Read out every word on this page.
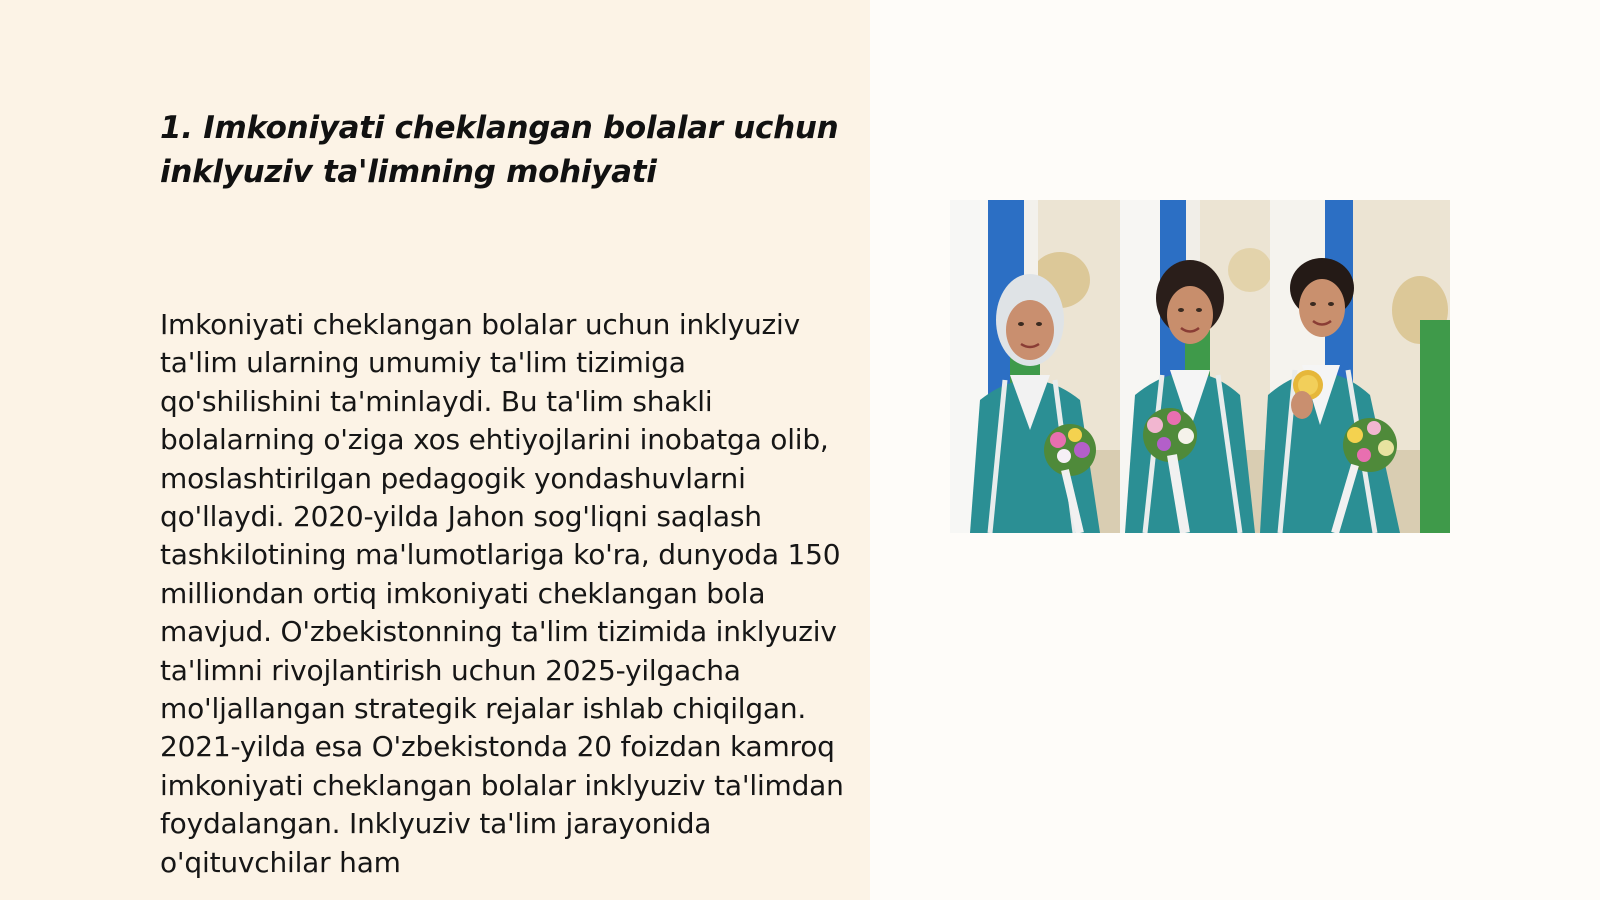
1. Imkoniyati cheklangan bolalar uchun inklyuziv ta'limning mohiyati

Imkoniyati cheklangan bolalar uchun inklyuziv ta'lim ularning umumiy ta'lim tizimiga qo'shilishini ta'minlaydi. Bu ta'lim shakli bolalarning o'ziga xos ehtiyojlarini inobatga olib, moslashtirilgan pedagogik yondashuvlarni qo'llaydi. 2020-yilda Jahon sog'liqni saqlash tashkilotining ma'lumotlariga ko'ra, dunyoda 150 milliondan ortiq imkoniyati cheklangan bola mavjud. O'zbekistonning ta'lim tizimida inklyuziv ta'limni rivojlantirish uchun 2025-yilgacha mo'ljallangan strategik rejalar ishlab chiqilgan. 2021-yilda esa O'zbekistonda 20 foizdan kamroq imkoniyati cheklangan bolalar inklyuziv ta'limdan foydalangan. Inklyuziv ta'lim jarayonida o'qituvchilar ham
